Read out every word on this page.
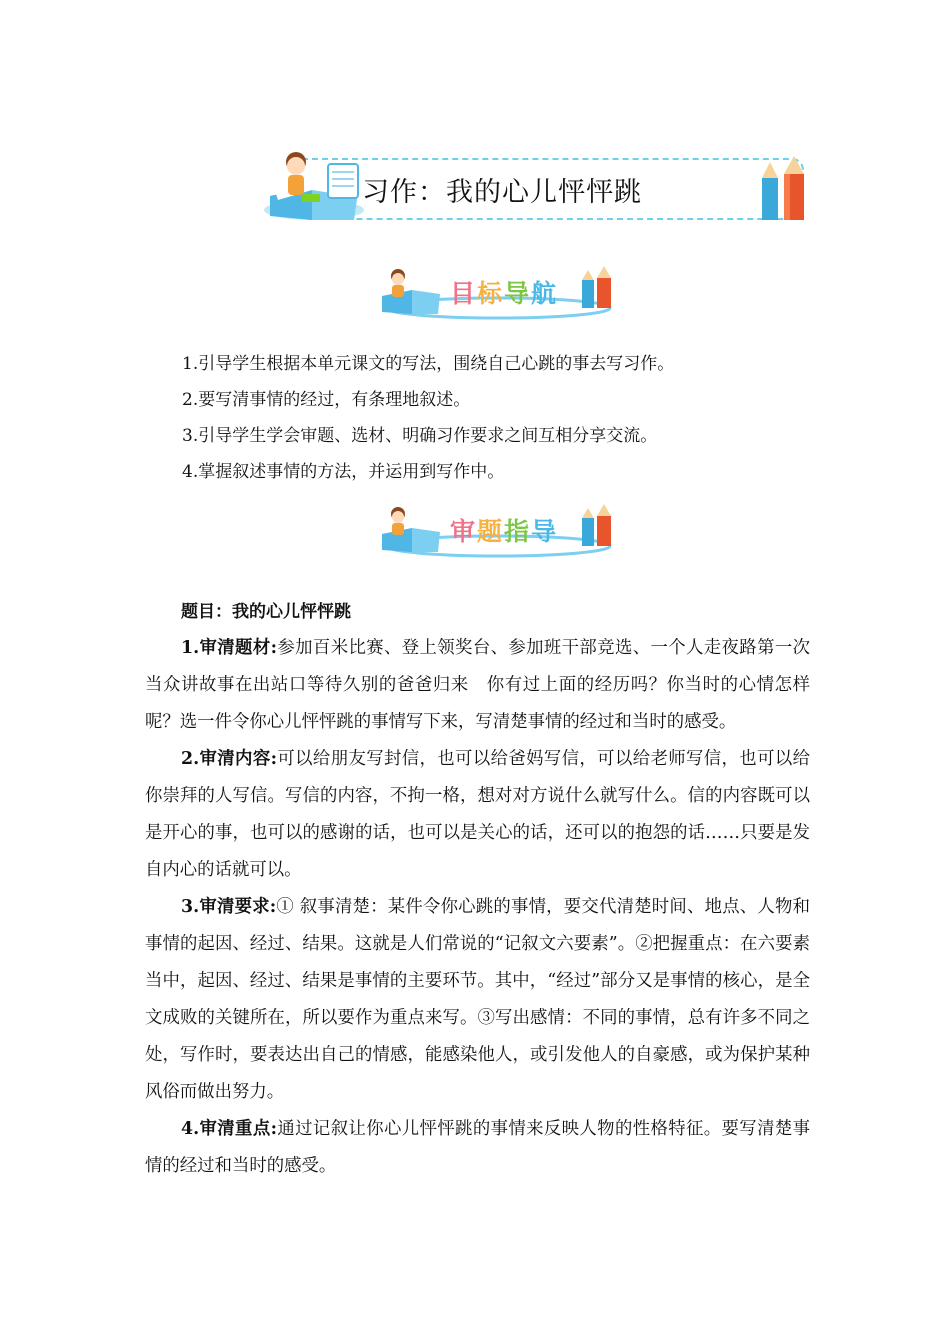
习作：我的心儿怦怦跳
目标导航
1.引导学生根据本单元课文的写法，围绕自己心跳的事去写习作。
2.要写清事情的经过，有条理地叙述。
3.引导学生学会审题、选材、明确习作要求之间互相分享交流。
4.掌握叙述事情的方法，并运用到写作中。
审题指导
题目：我的心儿怦怦跳

1.审清题材:参加百米比赛、登上领奖台、参加班干部竞选、一个人走夜路第一次当众讲故事在出站口等待久别的爸爸归来　你有过上面的经历吗？你当时的心情怎样呢？选一件令你心儿怦怦跳的事情写下来，写清楚事情的经过和当时的感受。

2.审清内容:可以给朋友写封信，也可以给爸妈写信，可以给老师写信，也可以给你崇拜的人写信。写信的内容，不拘一格，想对对方说什么就写什么。信的内容既可以是开心的事，也可以的感谢的话，也可以是关心的话，还可以的抱怨的话……只要是发自内心的话就可以。

3.审清要求:① 叙事清楚：某件令你心跳的事情，要交代清楚时间、地点、人物和事情的起因、经过、结果。这就是人们常说的“记叙文六要素”。②把握重点：在六要素当中，起因、经过、结果是事情的主要环节。其中，“经过”部分又是事情的核心，是全文成败的关键所在，所以要作为重点来写。③写出感情：不同的事情，总有许多不同之处，写作时，要表达出自己的情感，能感染他人，或引发他人的自豪感，或为保护某种风俗而做出努力。

4.审清重点:通过记叙让你心儿怦怦跳的事情来反映人物的性格特征。要写清楚事情的经过和当时的感受。
